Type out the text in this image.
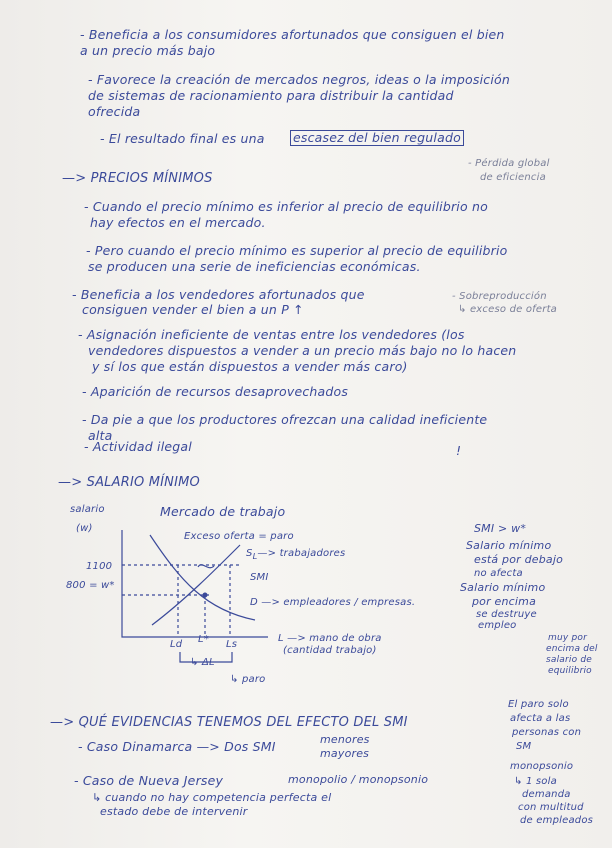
- Beneficia a los consumidores afortunados que consiguen el bien
a un precio más bajo
- Favorece la creación de mercados negros, ideas o la imposición
de sistemas de racionamiento para distribuir la cantidad
ofrecida
- El resultado final es una escasez del bien regulado
- Pérdida global
de eficiencia
—> PRECIOS MÍNIMOS
- Cuando el precio mínimo es inferior al precio de equilibrio no
hay efectos en el mercado.
- Pero cuando el precio mínimo es superior al precio de equilibrio
se producen una serie de ineficiencias económicas.
- Beneficia a los vendedores afortunados que
consiguen vender el bien a un P ↑
- Sobreproducción
↳ exceso de oferta
- Asignación ineficiente de ventas entre los vendedores (los
vendedores dispuestos a vender a un precio más bajo no lo hacen
y sí los que están dispuestos a vender más caro)
- Aparición de recursos desaprovechados
- Da pie a que los productores ofrezcan una calidad ineficiente
alta
- Actividad ilegal	!
—> SALARIO MÍNIMO
salario
(w)
Mercado de trabajo
Exceso oferta = paro
$S_L—>$ trabajadores
SMI
D —> empleadores / empresas.
1100
800 = w*
Ld L* Ls
L —> mano de obra
(cantidad trabajo)
↳ ΔL
↳ paro
SMI > w*
Salario mínimo
está por debajo
no afecta
Salario mínimo
por encima
se destruye
empleo
muy por
encima del
salario de
equilibrio
—> QUÉ EVIDENCIAS TENEMOS DEL EFECTO DEL SMI
- Caso Dinamarca —> Dos SMI	menores
mayores
- Caso de Nueva Jersey	monopolio / monopsonio
↳ cuando no hay competencia perfecta el
estado debe de intervenir
El paro solo
afecta a las
personas con
SM
monopsonio
↳ 1 sola
demanda
con multitud
de empleados
